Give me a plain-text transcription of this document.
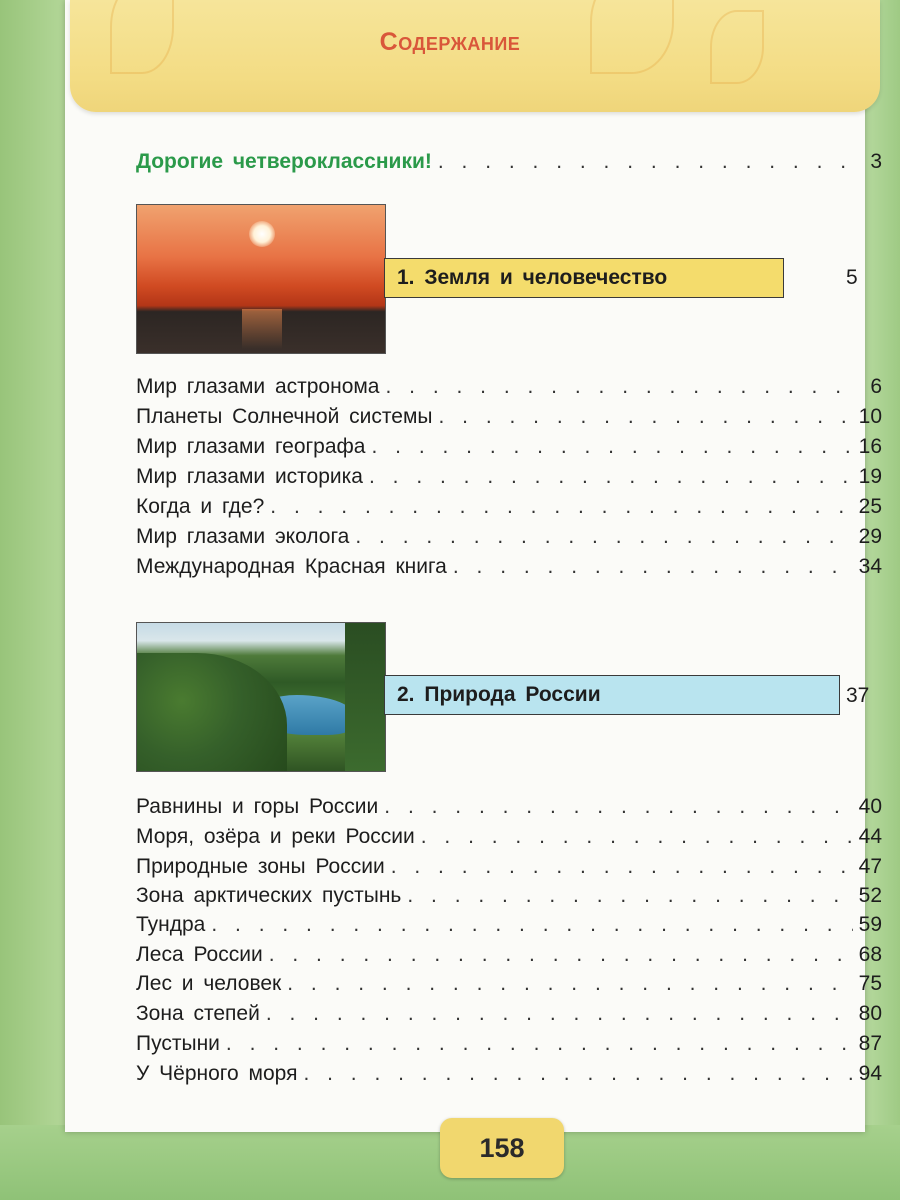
Содержание
Дорогие четвероклассники! . . .	3
1. Земля и человечество	5
Мир глазами астронома . . .	6
Планеты Солнечной системы . . .	10
Мир глазами географа . . .	16
Мир глазами историка . . .	19
Когда и где? . . .	25
Мир глазами эколога . . .	29
Международная Красная книга . . .	34
2. Природа России	37
Равнины и горы России . . .	40
Моря, озёра и реки России . . .	44
Природные зоны России . . .	47
Зона арктических пустынь . . .	52
Тундра . . .	59
Леса России . . .	68
Лес и человек . . .	75
Зона степей . . .	80
Пустыни . . .	87
У Чёрного моря . . .	94
158
